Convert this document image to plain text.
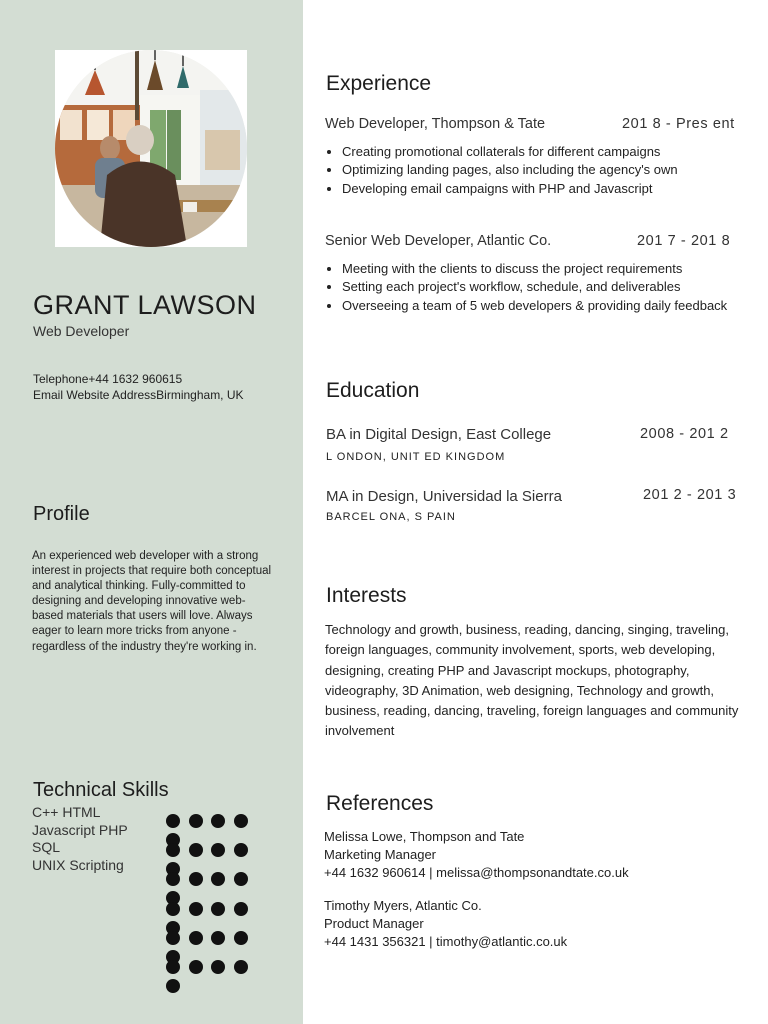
GRANT LAWSON
Web Developer
Telephone+44 1632 960615
Email Website AddressBirmingham, UK
Profile
An experienced web developer with a strong interest in projects that require both conceptual and analytical thinking. Fully-committed to designing and developing innovative web-based materials that users will love. Always eager to learn more tricks from anyone - regardless of the industry they're working in.
Technical Skills
C++ HTML
Javascript PHP
SQL
UNIX Scripting
Experience
Web Developer, Thompson & Tate	201 8 - Pres ent
• Creating promotional collaterals for different campaigns
• Optimizing landing pages, also including the agency's own
• Developing email campaigns with PHP and Javascript
Senior Web Developer, Atlantic Co.	201 7 - 201 8
• Meeting with the clients to discuss the project requirements
• Setting each project's workflow, schedule, and deliverables
• Overseeing a team of 5 web developers & providing daily feedback
Education
BA in Digital Design, East College	2008 - 201 2
L ONDON, UNIT ED KINGDOM
MA in Design, Universidad la Sierra	201 2 - 201 3
BARCEL ONA, S PAIN
Interests
Technology and growth, business, reading, dancing, singing, traveling, foreign languages, community involvement, sports, web developing, designing, creating PHP and Javascript mockups, photography, videography, 3D Animation, web designing, Technology and growth, business, reading, dancing, traveling, foreign languages and community involvement
References
Melissa Lowe, Thompson and Tate
Marketing Manager
+44 1632 960614 | melissa@thompsonandtate.co.uk
Timothy Myers, Atlantic Co.
Product Manager
+44 1431 356321 | timothy@atlantic.co.uk
